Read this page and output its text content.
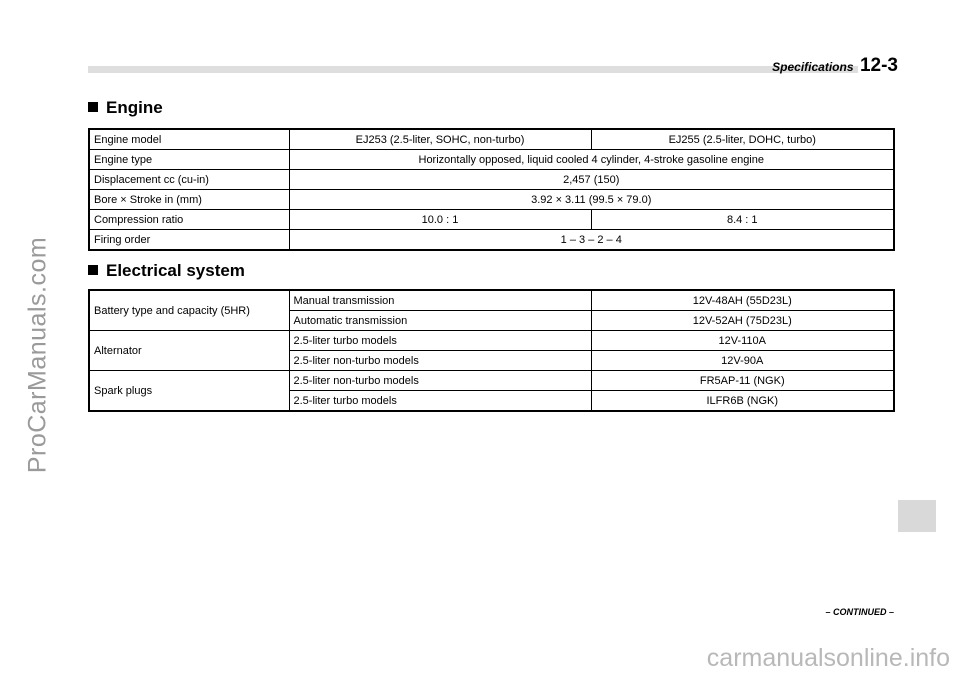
ProCarManuals.com
Specifications 12-3
Engine
Engine model	EJ253 (2.5-liter, SOHC, non-turbo)	EJ255 (2.5-liter, DOHC, turbo)
Engine type	Horizontally opposed, liquid cooled 4 cylinder, 4-stroke gasoline engine	
Displacement cc (cu-in)	2,457 (150)	
Bore × Stroke in (mm)	3.92 × 3.11 (99.5 × 79.0)	
Compression ratio	10.0 : 1	8.4 : 1
Firing order	1 – 3 – 2 – 4	
Electrical system
Battery type and capacity (5HR)	Manual transmission	12V-48AH (55D23L)
	Automatic transmission	12V-52AH (75D23L)
Alternator	2.5-liter turbo models	12V-110A
	2.5-liter non-turbo models	12V-90A
Spark plugs	2.5-liter non-turbo models	FR5AP-11 (NGK)
	2.5-liter turbo models	ILFR6B (NGK)
– CONTINUED –
carmanualsonline.info
